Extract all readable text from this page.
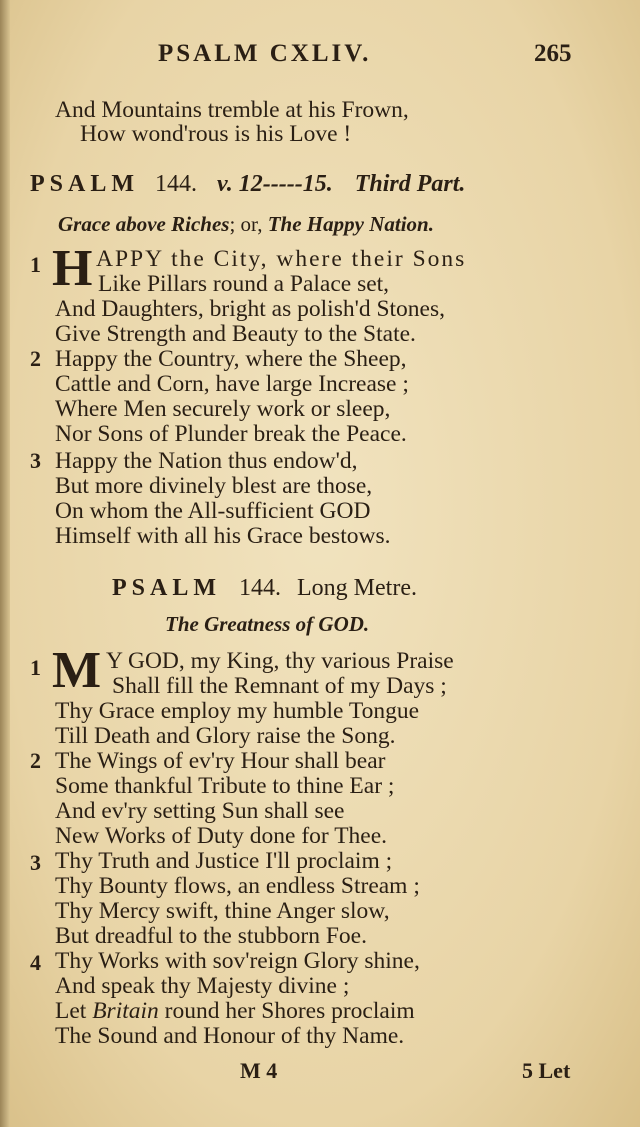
PSALM CXLIV.	265
And Mountains tremble at his Frown,
How wond'rous is his Love !
PSALM 144. v. 12-----15. Third Part.
Grace above Riches; or, The Happy Nation.
1 H APPY the City, where their Sons
Like Pillars round a Palace set,
And Daughters, bright as polish'd Stones,
Give Strength and Beauty to the State.
2 Happy the Country, where the Sheep,
Cattle and Corn, have large Increase ;
Where Men securely work or sleep,
Nor Sons of Plunder break the Peace.
3 Happy the Nation thus endow'd,
But more divinely blest are those,
On whom the All-sufficient GOD
Himself with all his Grace bestows.
PSALM 144. Long Metre.
The Greatness of GOD.
1 M Y GOD, my King, thy various Praise
Shall fill the Remnant of my Days ;
Thy Grace employ my humble Tongue
Till Death and Glory raise the Song.
2 The Wings of ev'ry Hour shall bear
Some thankful Tribute to thine Ear ;
And ev'ry setting Sun shall see
New Works of Duty done for Thee.
3 Thy Truth and Justice I'll proclaim ;
Thy Bounty flows, an endless Stream ;
Thy Mercy swift, thine Anger slow,
But dreadful to the stubborn Foe.
4 Thy Works with sov'reign Glory shine,
And speak thy Majesty divine ;
Let Britain round her Shores proclaim
The Sound and Honour of thy Name.
M 4	5 Let
